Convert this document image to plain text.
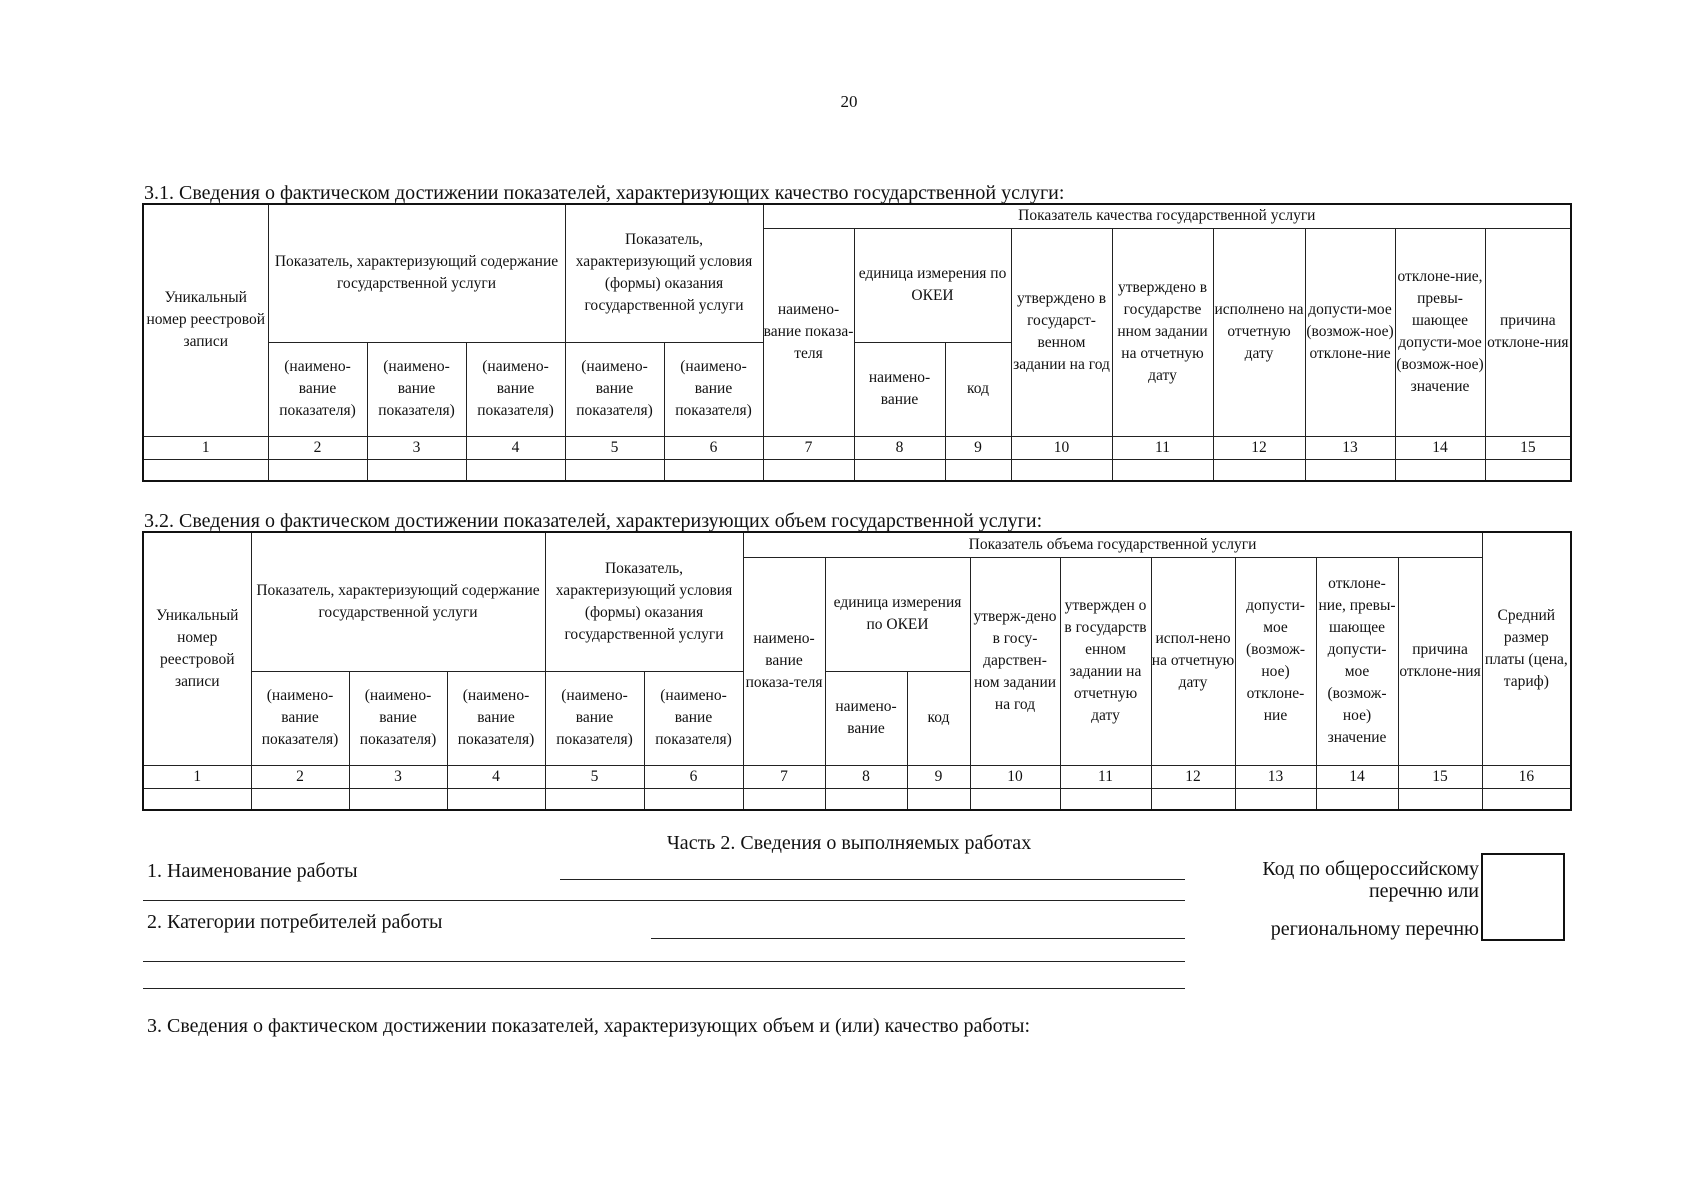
20
3.1. Сведения о фактическом достижении показателей, характеризующих качество государственной услуги:
Уникальный номер реестровой записи	Показатель, характеризующий содержание государственной услуги			Показатель, характеризующий условия (формы) оказания государственной услуги		Показатель качества государственной услуги								
						наимено-вание показа-теля	единица измерения по ОКЕИ		утверждено в государст-венном задании на год	утверждено в государстве нном задании на отчетную дату	исполнено на отчетную дату	допусти-мое (возмож-ное) отклоне-ние	отклоне-ние, превы-шающее допусти-мое (возмож-ное) значение	причина отклоне-ния
	(наимено-вание показателя)	(наимено-вание показателя)	(наимено-вание показателя)	(наимено-вание показателя)	(наимено-вание показателя)		наимено-вание	код						
1	2	3	4	5	6	7	8	9	10	11	12	13	14	15

3.2. Сведения о фактическом достижении показателей, характеризующих объем государственной услуги:
Уникальный номер реестровой записи	Показатель, характеризующий содержание государственной услуги			Показатель, характеризующий условия (формы) оказания государственной услуги		Показатель объема государственной услуги									Средний размер платы (цена, тариф)
						наимено-вание показа-теля	единица измерения по ОКЕИ		утверж-дено в госу-дарствен-ном задании на год	утвержден о в государств енном задании на отчетную дату	испол-нено на отчетную дату	допусти-мое (возмож-ное) отклоне-ние	отклоне-ние, превы-шающее допусти-мое (возмож-ное) значение	причина отклоне-ния	
	(наимено-вание показателя)	(наимено-вание показателя)	(наимено-вание показателя)	(наимено-вание показателя)	(наимено-вание показателя)		наимено-вание	код							
1	2	3	4	5	6	7	8	9	10	11	12	13	14	15	16

Часть 2. Сведения о выполняемых работах
1. Наименование работы
2. Категории потребителей работы
Код по общероссийскому
перечню или
региональному перечню
3. Сведения о фактическом достижении показателей, характеризующих объем и (или) качество работы:
